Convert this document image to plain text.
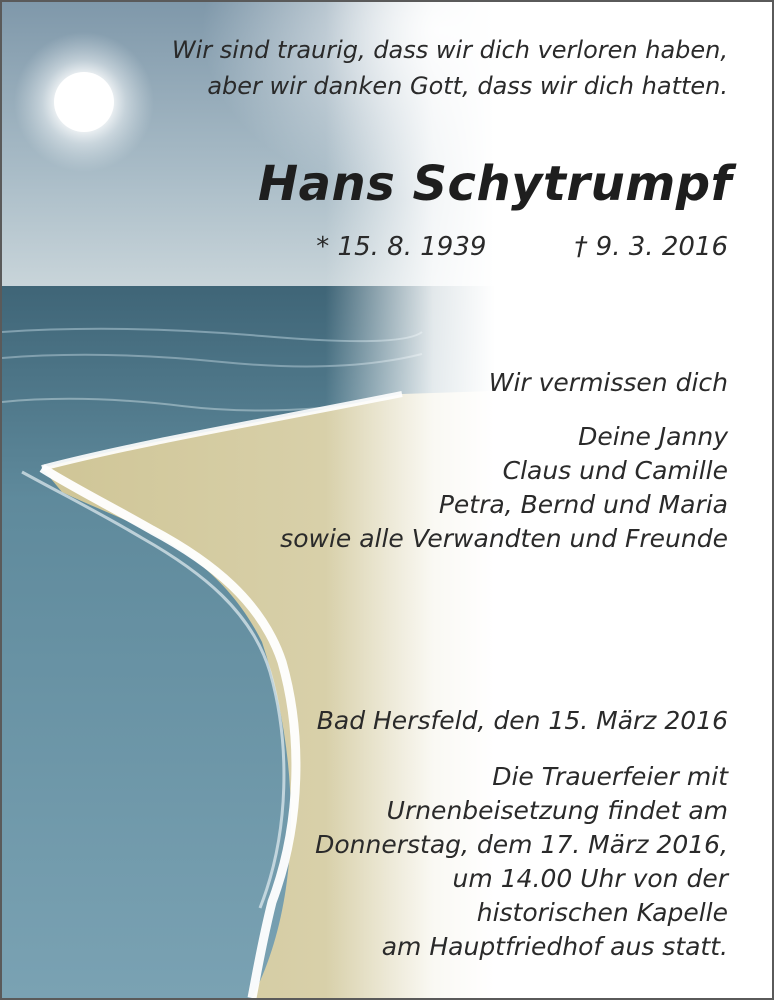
Wir sind traurig, dass wir dich verloren haben,
aber wir danken Gott, dass wir dich hatten.
Hans Schytrumpf
* 15. 8. 1939	† 9. 3. 2016
Wir vermissen dich
Deine Janny
Claus und Camille
Petra, Bernd und Maria
sowie alle Verwandten und Freunde
Bad Hersfeld, den 15. März 2016
Die Trauerfeier mit
Urnenbeisetzung findet am
Donnerstag, dem 17. März 2016,
um 14.00 Uhr von der
historischen Kapelle
am Hauptfriedhof aus statt.
